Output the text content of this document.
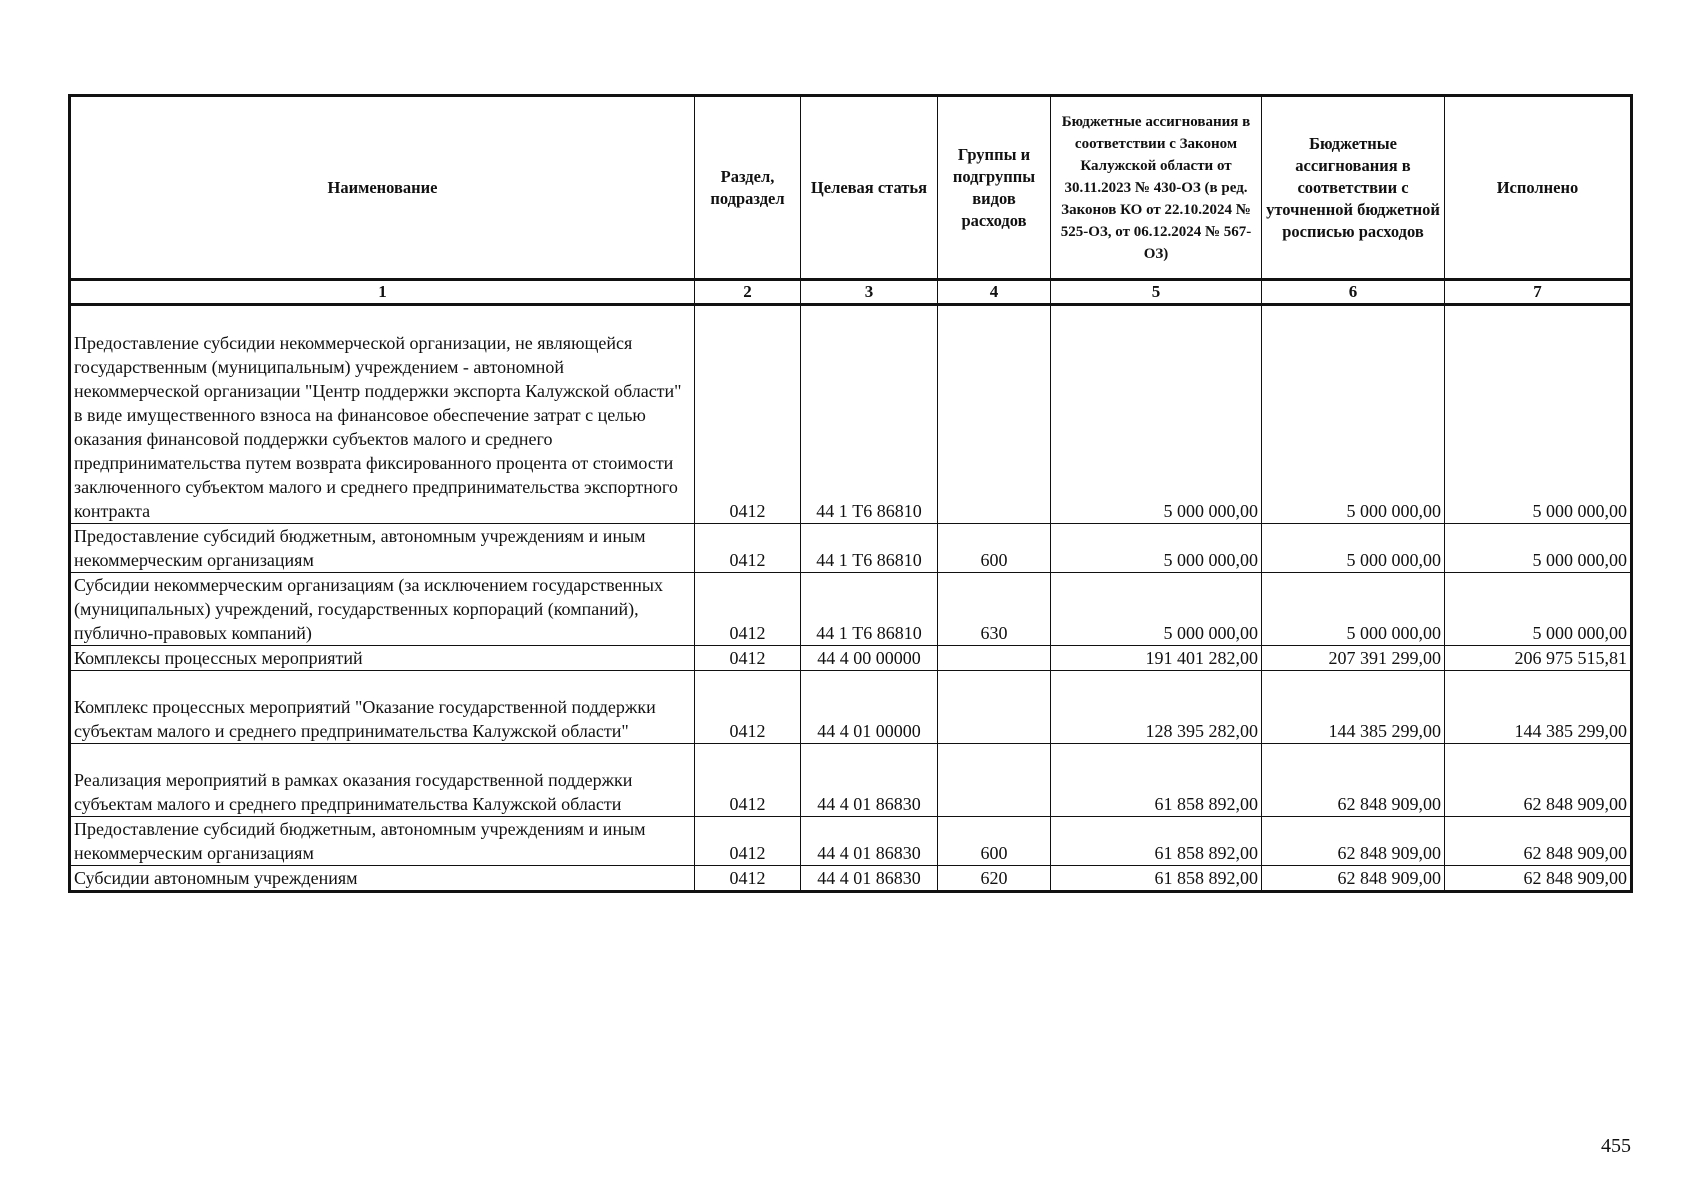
Наименование	Раздел, подраздел	Целевая статья	Группы и подгруппы видов расходов	Бюджетные ассигнования в соответствии с Законом Калужской области от 30.11.2023 № 430-ОЗ (в ред. Законов КО от 22.10.2024 № 525-ОЗ, от 06.12.2024 № 567-ОЗ)	Бюджетные ассигнования в соответствии с уточненной бюджетной росписью расходов	Исполнено
1	2	3	4	5	6	7
Предоставление субсидии некоммерческой организации, не являющейся государственным (муниципальным) учреждением - автономной некоммерческой организации "Центр поддержки экспорта Калужской области" в виде имущественного взноса на финансовое обеспечение затрат с целью оказания финансовой поддержки субъектов малого и среднего предпринимательства путем возврата фиксированного процента от стоимости заключенного субъектом малого и среднего предпринимательства экспортного контракта	0412	44 1 Т6 86810		5 000 000,00	5 000 000,00	5 000 000,00
Предоставление субсидий бюджетным, автономным учреждениям и иным некоммерческим организациям	0412	44 1 Т6 86810	600	5 000 000,00	5 000 000,00	5 000 000,00
Субсидии некоммерческим организациям (за исключением государственных (муниципальных) учреждений, государственных корпораций (компаний), публично-правовых компаний)	0412	44 1 Т6 86810	630	5 000 000,00	5 000 000,00	5 000 000,00
Комплексы процессных мероприятий	0412	44 4 00 00000		191 401 282,00	207 391 299,00	206 975 515,81
Комплекс процессных мероприятий "Оказание государственной поддержки субъектам малого и среднего предпринимательства Калужской области"	0412	44 4 01 00000		128 395 282,00	144 385 299,00	144 385 299,00
Реализация мероприятий в рамках оказания государственной поддержки субъектам малого и среднего предпринимательства Калужской области	0412	44 4 01 86830		61 858 892,00	62 848 909,00	62 848 909,00
Предоставление субсидий бюджетным, автономным учреждениям и иным некоммерческим организациям	0412	44 4 01 86830	600	61 858 892,00	62 848 909,00	62 848 909,00
Субсидии автономным учреждениям	0412	44 4 01 86830	620	61 858 892,00	62 848 909,00	62 848 909,00
455
